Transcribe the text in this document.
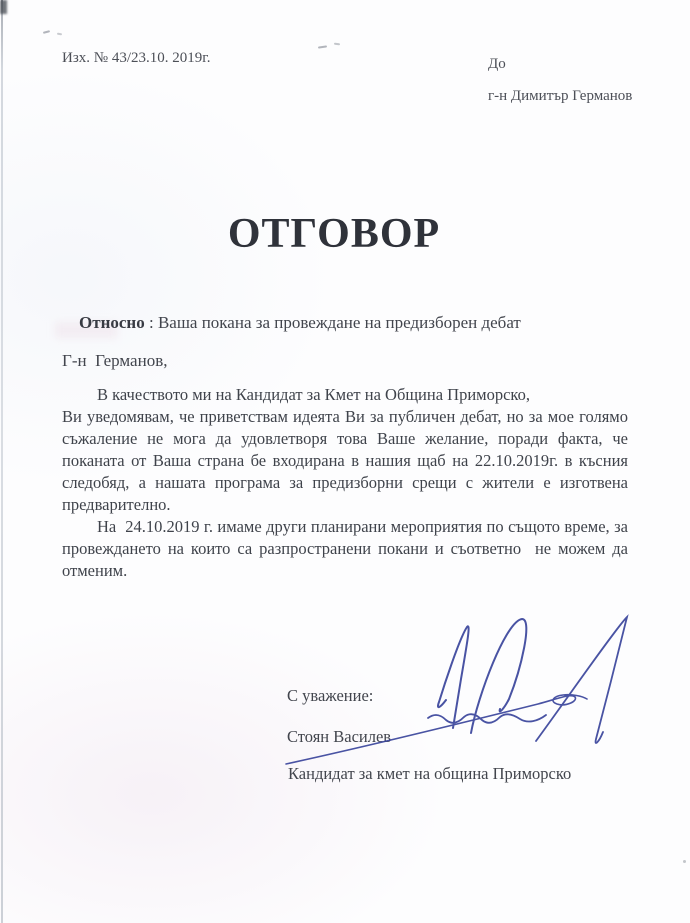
Изх. № 43/23.10. 2019г.	До
г-н Димитър Германов
ОТГОВОР

Относно : Ваша покана за провеждане на предизборен дебат

Г-н  Германов,

В качеството ми на Кандидат за Кмет на Община Приморско,
Ви уведомявам, че приветствам идеята Ви за публичен дебат, но за мое голямо съжаление не мога да удовлетворя това Ваше желание, поради факта, че поканата от Ваша страна бе входирана в нашия щаб на 22.10.2019г. в късния следобяд, а нашата програма за предизборни срещи с жители е изготвена предварително.

На  24.10.2019 г. имаме други планирани мероприятия по същото време, за провеждането на които са разпространени покани и съответно  не можем да отменим.

С уважение:
Стоян Василев
Кандидат за кмет на община Приморско
